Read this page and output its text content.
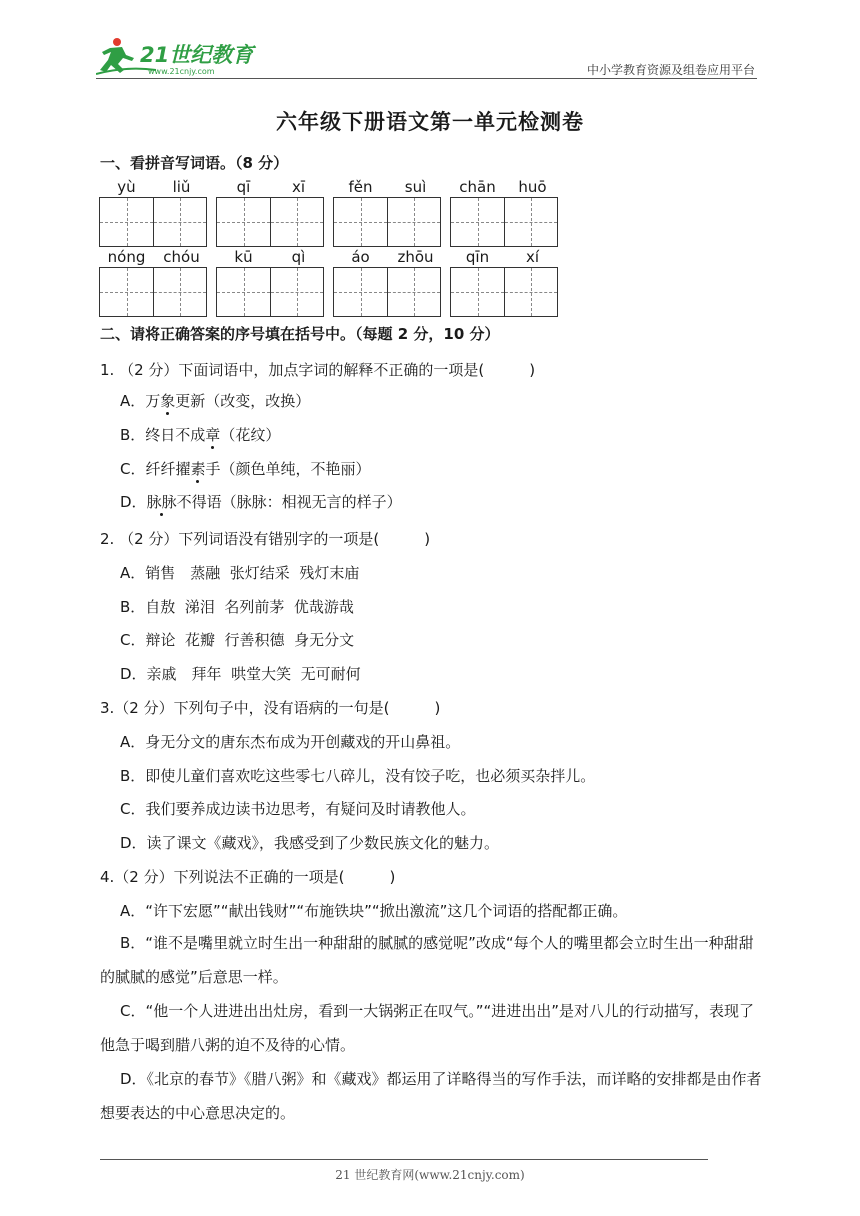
21世纪教育
www.21cnjy.com	中小学教育资源及组卷应用平台
六年级下册语文第一单元检测卷
一、看拼音写词语。（8 分）
yù	liǔ	qī	xī	fěn	suì	chān	huō
nóng	chóu	kū	qì	áo	zhōu	qīn	xí
二、请将正确答案的序号填在括号中。（每题 2 分，10 分）
1. （2 分）下面词语中，加点字词的解释不正确的一项是(　　　)
A．万象更新（改变，改换）
B．终日不成章（花纹）
C．纤纤擢素手（颜色单纯，不艳丽）
D．脉脉不得语（脉脉：相视无言的样子）
2. （2 分）下列词语没有错别字的一项是(　　　)
A．销售　蒸融  张灯结采  残灯末庙
B．自敖  涕泪  名列前茅  优哉游哉
C．辩论  花瓣  行善积德  身无分文
D．亲戚　拜年  哄堂大笑  无可耐何
3.（2 分）下列句子中，没有语病的一句是(　　　)
A．身无分文的唐东杰布成为开创藏戏的开山鼻祖。
B．即使儿童们喜欢吃这些零七八碎儿，没有饺子吃，也必须买杂拌儿。
C．我们要养成边读书边思考，有疑问及时请教他人。
D．读了课文《藏戏》，我感受到了少数民族文化的魅力。
4.（2 分）下列说法不正确的一项是(　　　)
A．“许下宏愿”“献出钱财”“布施铁块”“掀出激流”这几个词语的搭配都正确。
B．“谁不是嘴里就立时生出一种甜甜的腻腻的感觉呢”改成“每个人的嘴里都会立时生出一种甜甜的腻腻的感觉”后意思一样。
C．“他一个人进进出出灶房，看到一大锅粥正在叹气。”“进进出出”是对八儿的行动描写，表现了他急于喝到腊八粥的迫不及待的心情。
D．《北京的春节》《腊八粥》和《藏戏》都运用了详略得当的写作手法，而详略的安排都是由作者想要表达的中心意思决定的。
21 世纪教育网(www.21cnjy.com)
